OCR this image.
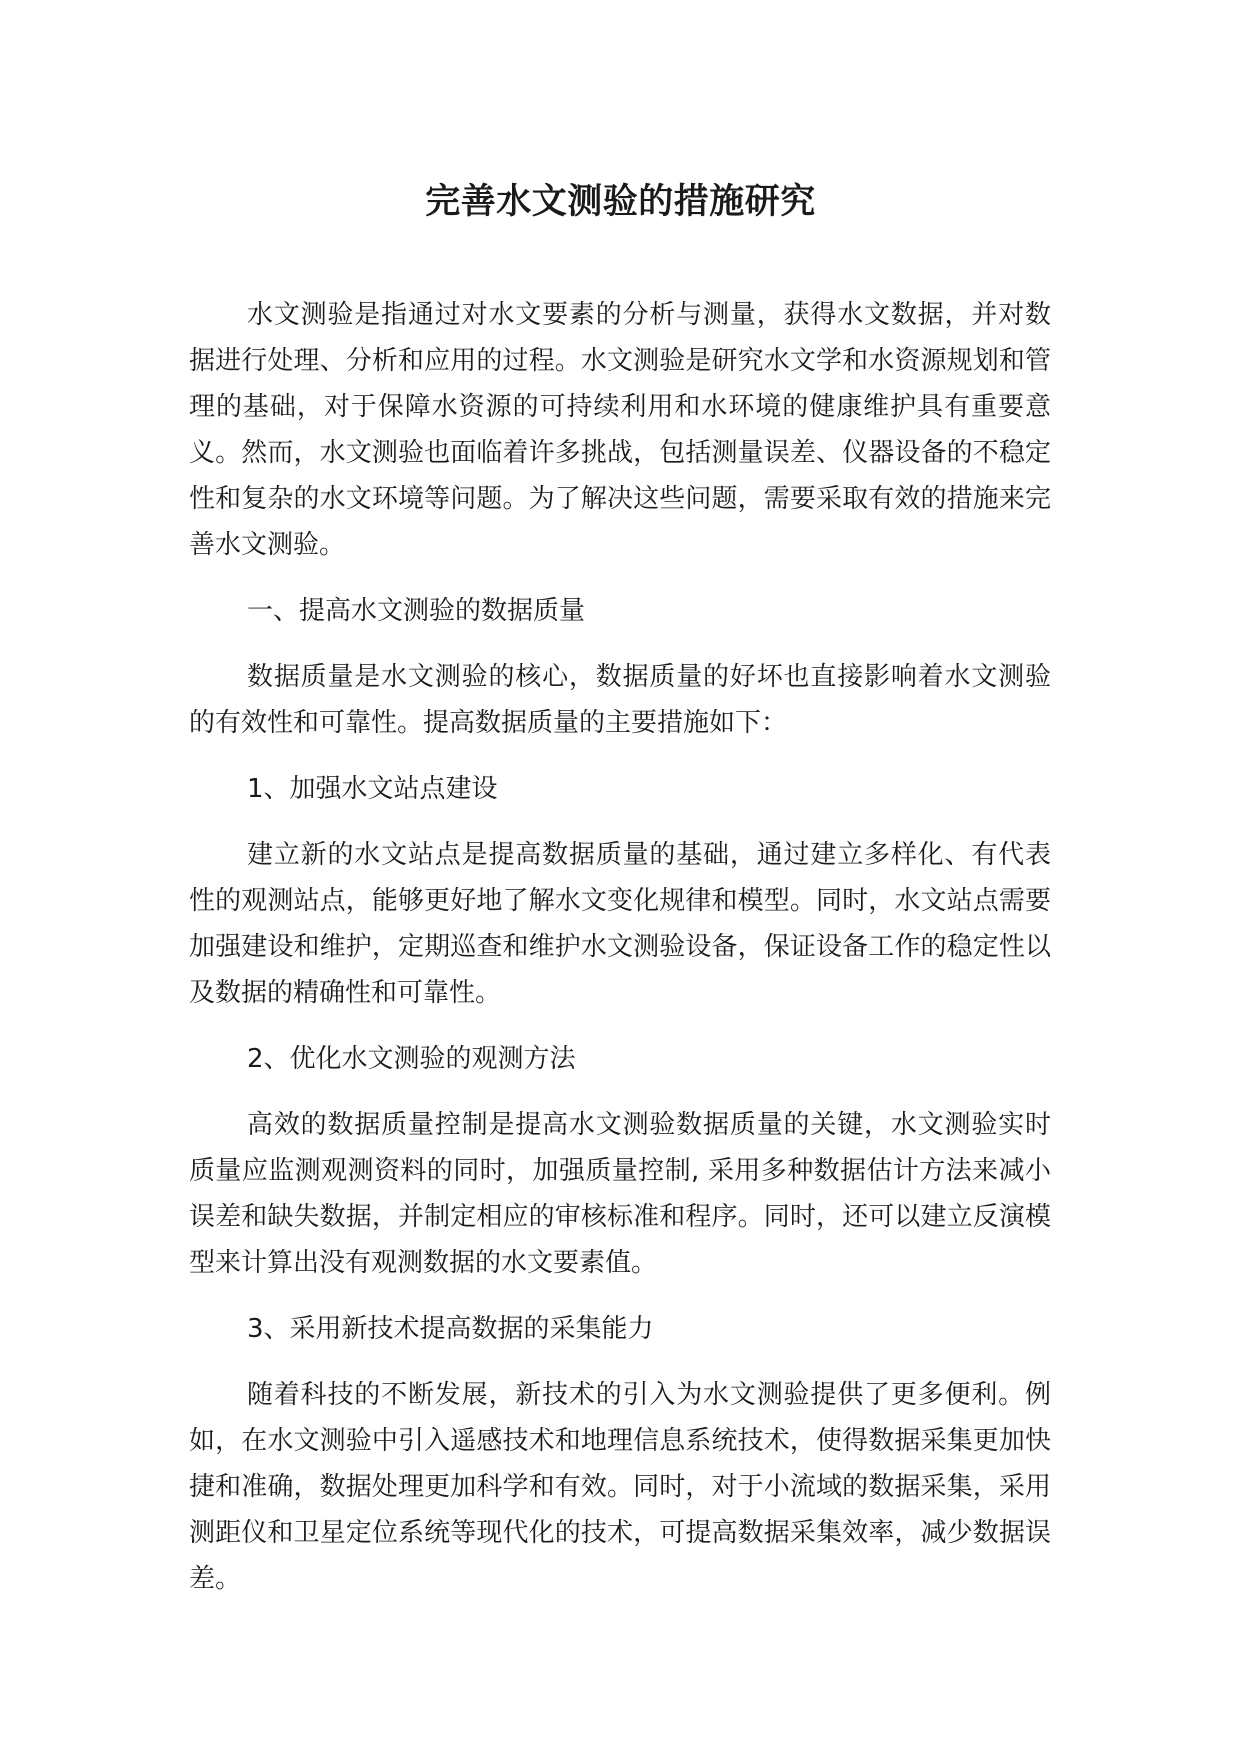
完善水文测验的措施研究

水文测验是指通过对水文要素的分析与测量，获得水文数据，并对数据进行处理、分析和应用的过程。水文测验是研究水文学和水资源规划和管理的基础，对于保障水资源的可持续利用和水环境的健康维护具有重要意义。然而，水文测验也面临着许多挑战，包括测量误差、仪器设备的不稳定性和复杂的水文环境等问题。为了解决这些问题，需要采取有效的措施来完善水文测验。

一、提高水文测验的数据质量

数据质量是水文测验的核心，数据质量的好坏也直接影响着水文测验的有效性和可靠性。提高数据质量的主要措施如下：

1、加强水文站点建设

建立新的水文站点是提高数据质量的基础，通过建立多样化、有代表性的观测站点，能够更好地了解水文变化规律和模型。同时，水文站点需要加强建设和维护，定期巡查和维护水文测验设备，保证设备工作的稳定性以及数据的精确性和可靠性。

2、优化水文测验的观测方法

高效的数据质量控制是提高水文测验数据质量的关键，水文测验实时质量应监测观测资料的同时，加强质量控制, 采用多种数据估计方法来减小误差和缺失数据，并制定相应的审核标准和程序。同时，还可以建立反演模型来计算出没有观测数据的水文要素值。

3、采用新技术提高数据的采集能力

随着科技的不断发展，新技术的引入为水文测验提供了更多便利。例如，在水文测验中引入遥感技术和地理信息系统技术，使得数据采集更加快捷和准确，数据处理更加科学和有效。同时，对于小流域的数据采集，采用测距仪和卫星定位系统等现代化的技术，可提高数据采集效率，减少数据误差。
